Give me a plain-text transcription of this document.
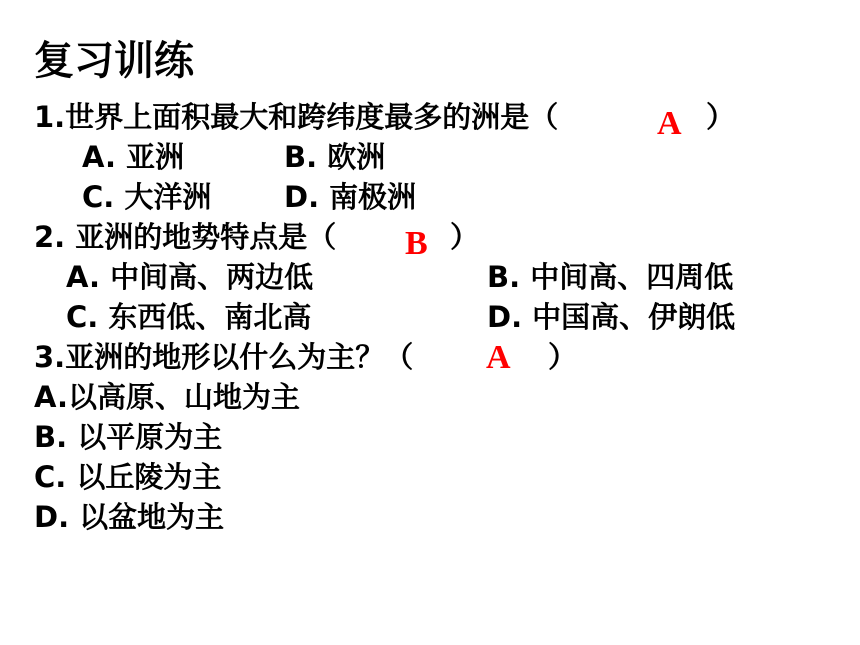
复习训练
1.世界上面积最大和跨纬度最多的洲是（	A ）
A. 亚洲	B. 欧洲
C. 大洋洲	D. 南极洲
2. 亚洲的地势特点是（ B ）
A. 中间高、两边低	B. 中间高、四周低
C. 东西低、南北高	D. 中国高、伊朗低
3.亚洲的地形以什么为主？（ A ）
A.以高原、山地为主
B. 以平原为主
C. 以丘陵为主
D. 以盆地为主
